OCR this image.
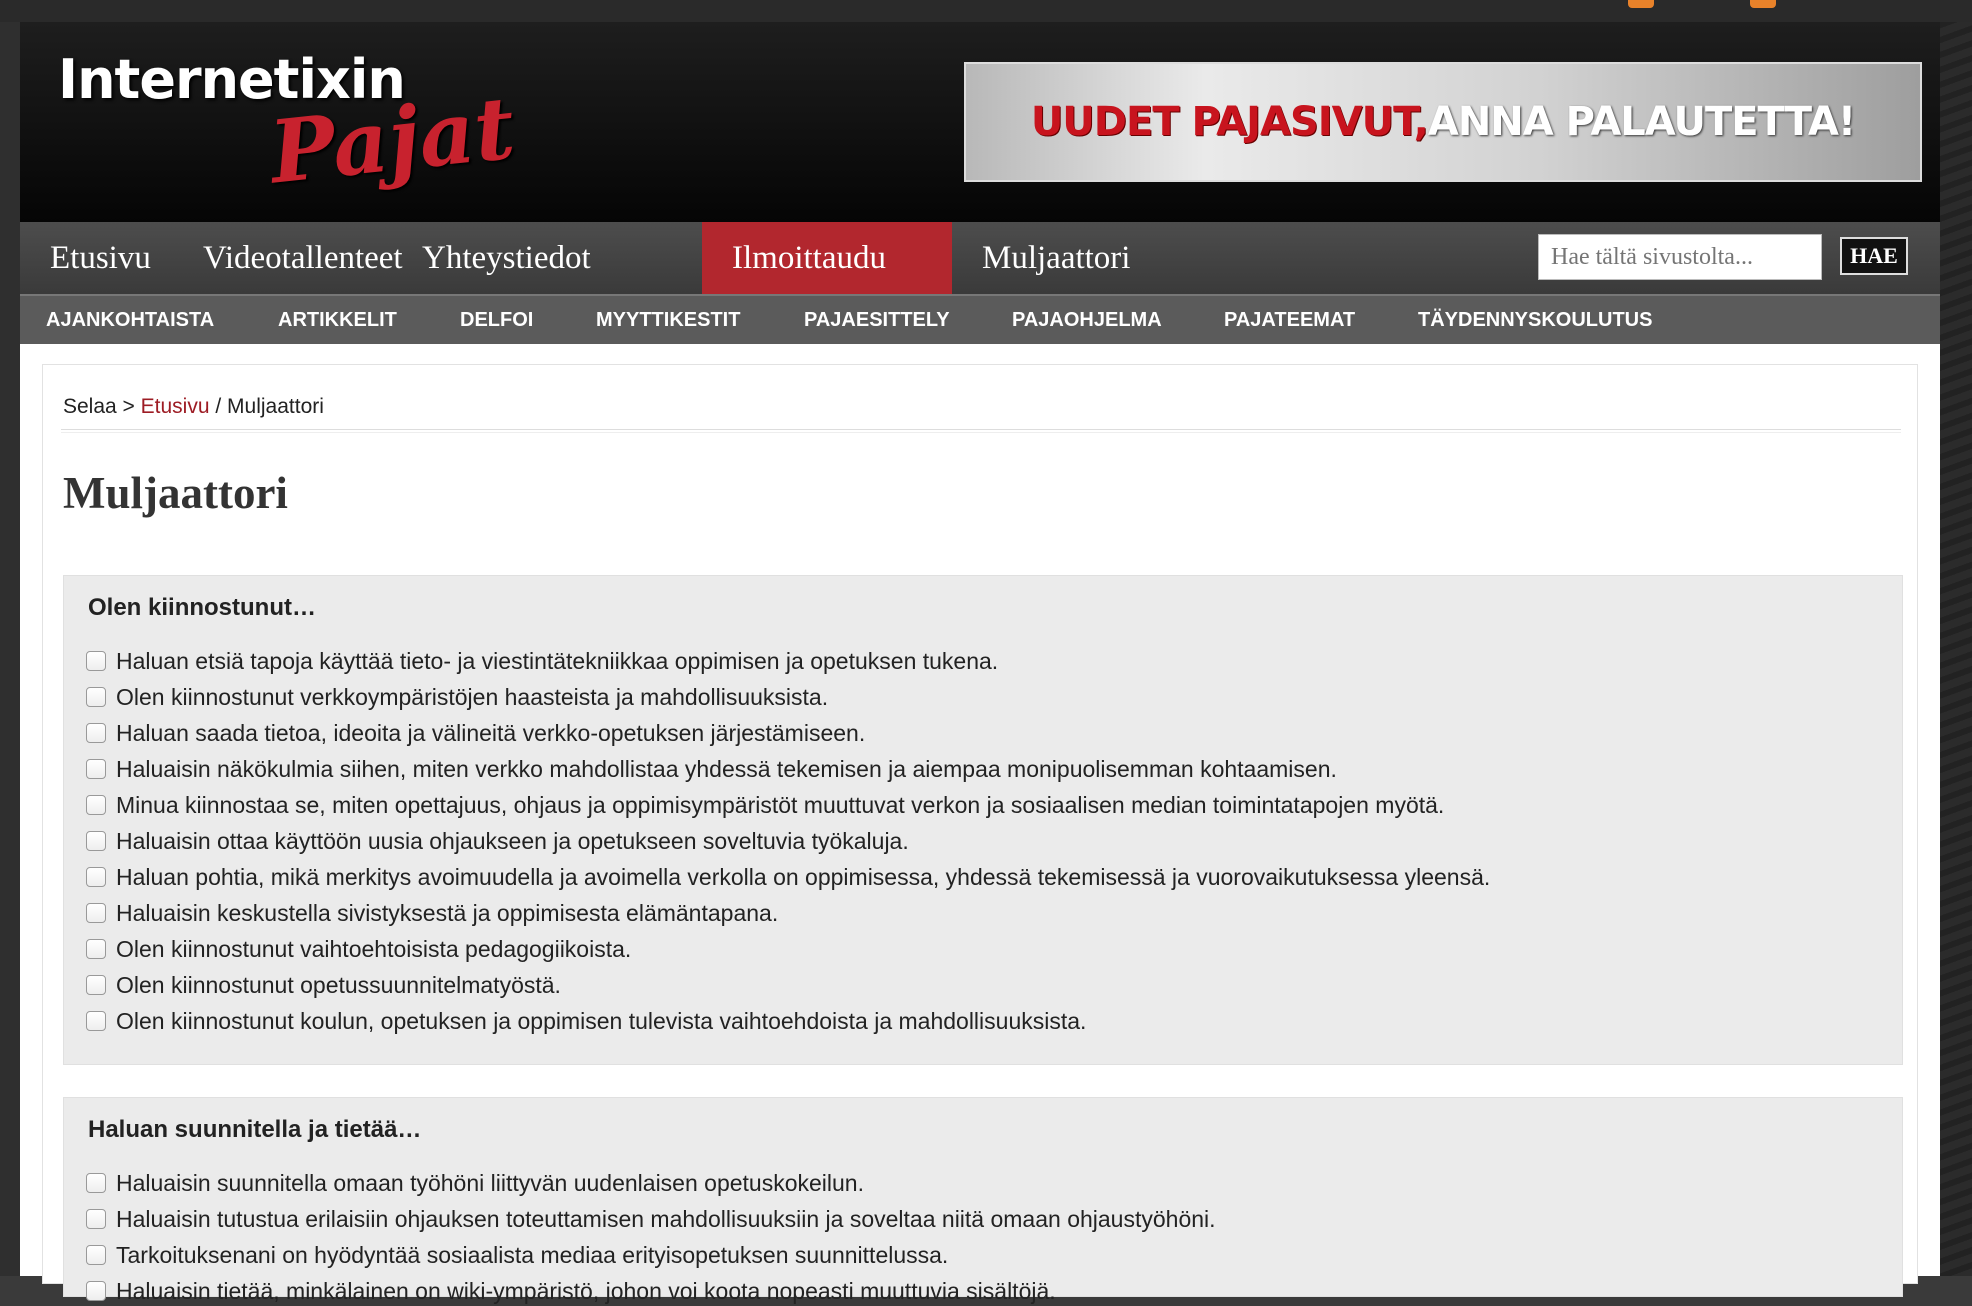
Internetixin
Pajat	UUDET PAJASIVUT, ANNA PALAUTETTA!
Etusivu	Videotallenteet Yhteystiedot	Ilmoittaudu	Muljaattori
Hae tältä sivustolta...	HAE
AJANKOHTAISTA	ARTIKKELIT	DELFOI	MYYTTIKESTIT	PAJAESITTELY	PAJAOHJELMA	PAJATEEMAT	TÄYDENNYSKOULUTUS
Selaa > Etusivu / Muljaattori
Muljaattori
Olen kiinnostunut…
Haluan etsiä tapoja käyttää tieto- ja viestintätekniikkaa oppimisen ja opetuksen tukena.
Olen kiinnostunut verkkoympäristöjen haasteista ja mahdollisuuksista.
Haluan saada tietoa, ideoita ja välineitä verkko-opetuksen järjestämiseen.
Haluaisin näkökulmia siihen, miten verkko mahdollistaa yhdessä tekemisen ja aiempaa monipuolisemman kohtaamisen.
Minua kiinnostaa se, miten opettajuus, ohjaus ja oppimisympäristöt muuttuvat verkon ja sosiaalisen median toimintatapojen myötä.
Haluaisin ottaa käyttöön uusia ohjaukseen ja opetukseen soveltuvia työkaluja.
Haluan pohtia, mikä merkitys avoimuudella ja avoimella verkolla on oppimisessa, yhdessä tekemisessä ja vuorovaikutuksessa yleensä.
Haluaisin keskustella sivistyksestä ja oppimisesta elämäntapana.
Olen kiinnostunut vaihtoehtoisista pedagogiikoista.
Olen kiinnostunut opetussuunnitelmatyöstä.
Olen kiinnostunut koulun, opetuksen ja oppimisen tulevista vaihtoehdoista ja mahdollisuuksista.
Haluan suunnitella ja tietää…
Haluaisin suunnitella omaan työhöni liittyvän uudenlaisen opetuskokeilun.
Haluaisin tutustua erilaisiin ohjauksen toteuttamisen mahdollisuuksiin ja soveltaa niitä omaan ohjaustyöhöni.
Tarkoituksenani on hyödyntää sosiaalista mediaa erityisopetuksen suunnittelussa.
Haluaisin tietää, minkälainen on wiki-ympäristö, johon voi koota nopeasti muuttuvia sisältöjä.
